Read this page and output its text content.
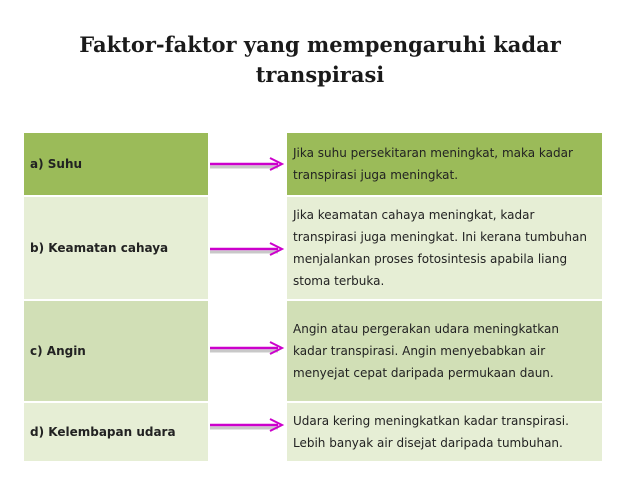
Faktor-faktor yang mempengaruhi kadar
transpirasi
a) Suhu
b) Keamatan cahaya
c) Angin
d) Kelembapan udara
Jika suhu persekitaran meningkat, maka kadar transpirasi juga meningkat.
Jika keamatan cahaya meningkat, kadar transpirasi juga meningkat. Ini kerana tumbuhan menjalankan proses fotosintesis apabila liang stoma terbuka.
Angin atau pergerakan udara meningkatkan kadar transpirasi. Angin menyebabkan air menyejat cepat daripada permukaan daun.
Udara kering meningkatkan kadar transpirasi. Lebih banyak air disejat daripada tumbuhan.
